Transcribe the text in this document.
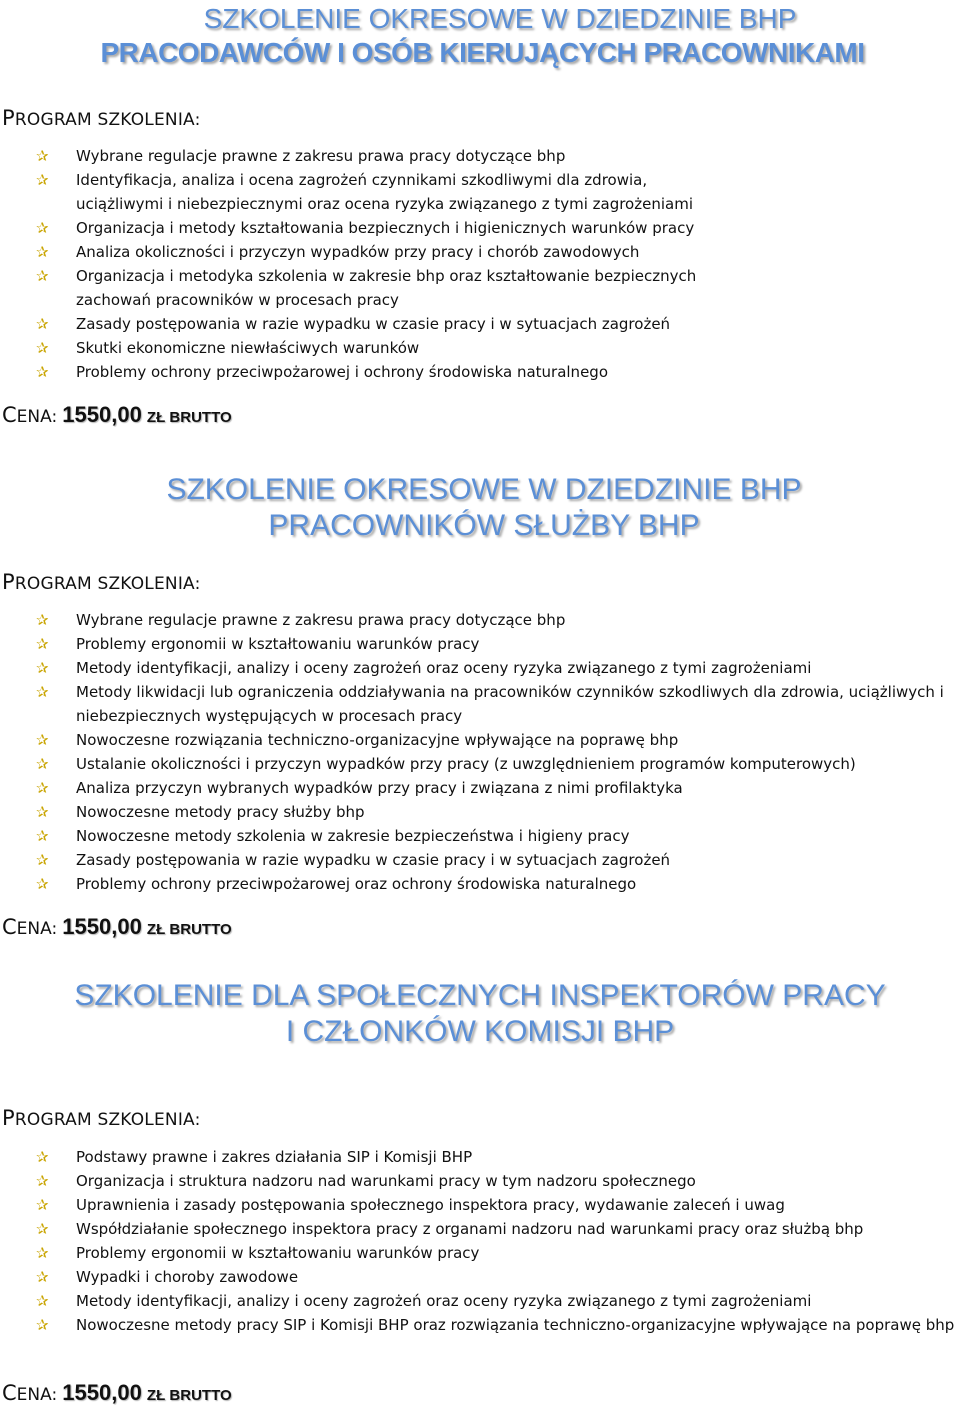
SZKOLENIE OKRESOWE W DZIEDZINIE BHP
PRACODAWCÓW I OSÓB KIERUJĄCYCH PRACOWNIKAMI
PROGRAM SZKOLENIA:
✰ Wybrane regulacje prawne z zakresu prawa pracy dotyczące bhp
✰ Identyfikacja, analiza i ocena zagrożeń czynnikami szkodliwymi dla zdrowia, uciążliwymi i niebezpiecznymi oraz ocena ryzyka związanego z tymi zagrożeniami
✰ Organizacja i metody kształtowania bezpiecznych i higienicznych warunków pracy
✰ Analiza okoliczności i przyczyn wypadków przy pracy i chorób zawodowych
✰ Organizacja i metodyka szkolenia w zakresie bhp oraz kształtowanie bezpiecznych zachowań pracowników w procesach pracy
✰ Zasady postępowania w razie wypadku w czasie pracy i w sytuacjach zagrożeń
✰ Skutki ekonomiczne niewłaściwych warunków
✰ Problemy ochrony przeciwpożarowej i ochrony środowiska naturalnego
CENA: 1550,00 ZŁ BRUTTO
SZKOLENIE OKRESOWE W DZIEDZINIE BHP
PRACOWNIKÓW SŁUŻBY BHP
PROGRAM SZKOLENIA:
✰ Wybrane regulacje prawne z zakresu prawa pracy dotyczące bhp
✰ Problemy ergonomii w kształtowaniu warunków pracy
✰ Metody identyfikacji, analizy i oceny zagrożeń oraz oceny ryzyka związanego z tymi zagrożeniami
✰ Metody likwidacji lub ograniczenia oddziaływania na pracowników czynników szkodliwych dla zdrowia, uciążliwych i niebezpiecznych występujących w procesach pracy
✰ Nowoczesne rozwiązania techniczno-organizacyjne wpływające na poprawę bhp
✰ Ustalanie okoliczności i przyczyn wypadków przy pracy (z uwzględnieniem programów komputerowych)
✰ Analiza przyczyn wybranych wypadków przy pracy i związana z nimi profilaktyka
✰ Nowoczesne metody pracy służby bhp
✰ Nowoczesne metody szkolenia w zakresie bezpieczeństwa i higieny pracy
✰ Zasady postępowania w razie wypadku w czasie pracy i w sytuacjach zagrożeń
✰ Problemy ochrony przeciwpożarowej oraz ochrony środowiska naturalnego
CENA: 1550,00 ZŁ BRUTTO
SZKOLENIE DLA SPOŁECZNYCH INSPEKTORÓW PRACY
I CZŁONKÓW KOMISJI BHP
PROGRAM SZKOLENIA:
✰ Podstawy prawne i zakres działania SIP i Komisji BHP
✰ Organizacja i struktura nadzoru nad warunkami pracy w tym nadzoru społecznego
✰ Uprawnienia i zasady postępowania społecznego inspektora pracy, wydawanie zaleceń i uwag
✰ Współdziałanie społecznego inspektora pracy z organami nadzoru nad warunkami pracy oraz służbą bhp
✰ Problemy ergonomii w kształtowaniu warunków pracy
✰ Wypadki i choroby zawodowe
✰ Metody identyfikacji, analizy i oceny zagrożeń oraz oceny ryzyka związanego z tymi zagrożeniami
✰ Nowoczesne metody pracy SIP i Komisji BHP oraz rozwiązania techniczno-organizacyjne wpływające na poprawę bhp
CENA: 1550,00 ZŁ BRUTTO
